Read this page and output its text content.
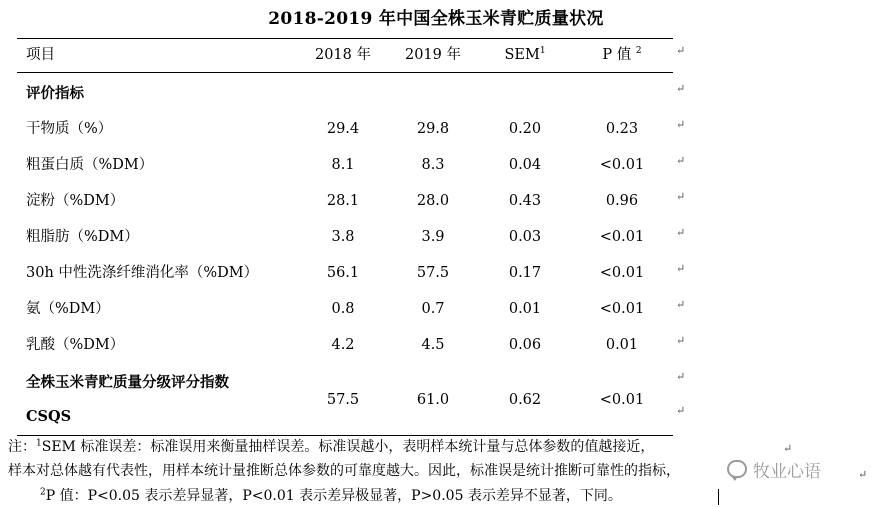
2018-2019 年中国全株玉米青贮质量状况
项目	2018 年	2019 年	SEM$^1$	P 值 $^2$
评价指标
干物质（%）	29.4	29.8	0.20	0.23
粗蛋白质（%DM）	8.1	8.3	0.04	<0.01
淀粉（%DM）	28.1	28.0	0.43	0.96
粗脂肪（%DM）	3.8	3.9	0.03	<0.01
30h 中性洗涤纤维消化率（%DM）	56.1	57.5	0.17	<0.01
氨（%DM）	0.8	0.7	0.01	<0.01
乳酸（%DM）	4.2	4.5	0.06	0.01
全株玉米青贮质量分级评分指数
CSQS
57.5	61.0	0.62	<0.01
注：$^1$SEM 标准误差：标准误用来衡量抽样误差。标准误越小，表明样本统计量与总体参数的值越接近，
样本对总体越有代表性，用样本统计量推断总体参数的可靠度越大。因此，标准误是统计推断可靠性的指标，
$^2$P 值：P<0.05 表示差异显著，P<0.01 表示差异极显著，P>0.05 表示差异不显著，下同。
牧业心语
↵
↵
↵
↵
↵
↵
↵
↵
↵
↵
↵
↵
↵
